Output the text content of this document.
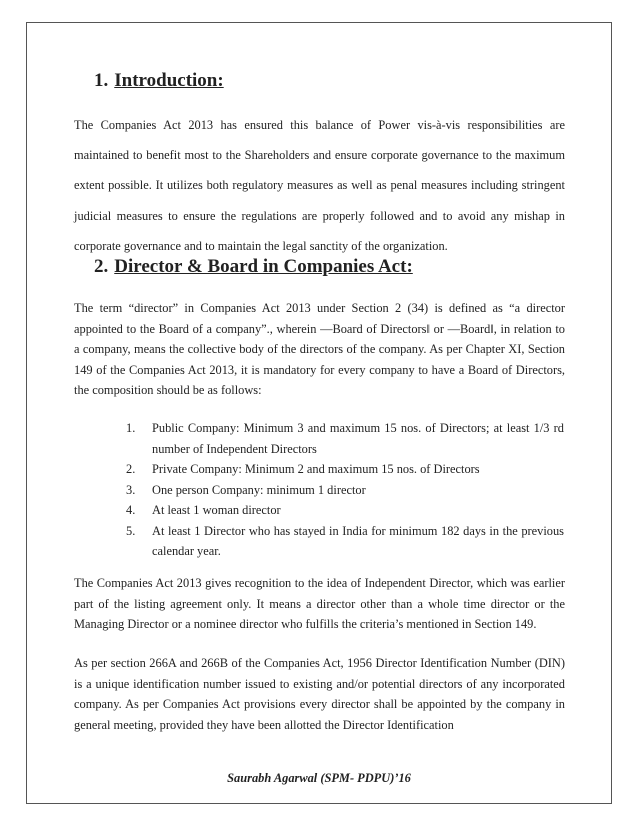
1. Introduction:

The Companies Act 2013 has ensured this balance of Power vis-à-vis responsibilities are maintained to benefit most to the Shareholders and ensure corporate governance to the maximum extent possible. It utilizes both regulatory measures as well as penal measures including stringent judicial measures to ensure the regulations are properly followed and to avoid any mishap in corporate governance and to maintain the legal sanctity of the organization.

2. Director & Board in Companies Act:

The term “director” in Companies Act 2013 under Section 2 (34) is defined as “a director appointed to the Board of a company”., wherein ―Board of Directors‖ or ―Board‖, in relation to a company, means the collective body of the directors of the company. As per Chapter XI, Section 149 of the Companies Act 2013, it is mandatory for every company to have a Board of Directors, the composition should be as follows:

1. Public Company: Minimum 3 and maximum 15 nos. of Directors; at least 1/3 rd number of Independent Directors
2. Private Company: Minimum 2 and maximum 15 nos. of Directors
3. One person Company: minimum 1 director
4. At least 1 woman director
5. At least 1 Director who has stayed in India for minimum 182 days in the previous calendar year.

The Companies Act 2013 gives recognition to the idea of Independent Director, which was earlier part of the listing agreement only. It means a director other than a whole time director or the Managing Director or a nominee director who fulfills the criteria’s mentioned in Section 149.

As per section 266A and 266B of the Companies Act, 1956 Director Identification Number (DIN) is a unique identification number issued to existing and/or potential directors of any incorporated company. As per Companies Act provisions every director shall be appointed by the company in general meeting, provided they have been allotted the Director Identification

Saurabh Agarwal (SPM- PDPU)’16
